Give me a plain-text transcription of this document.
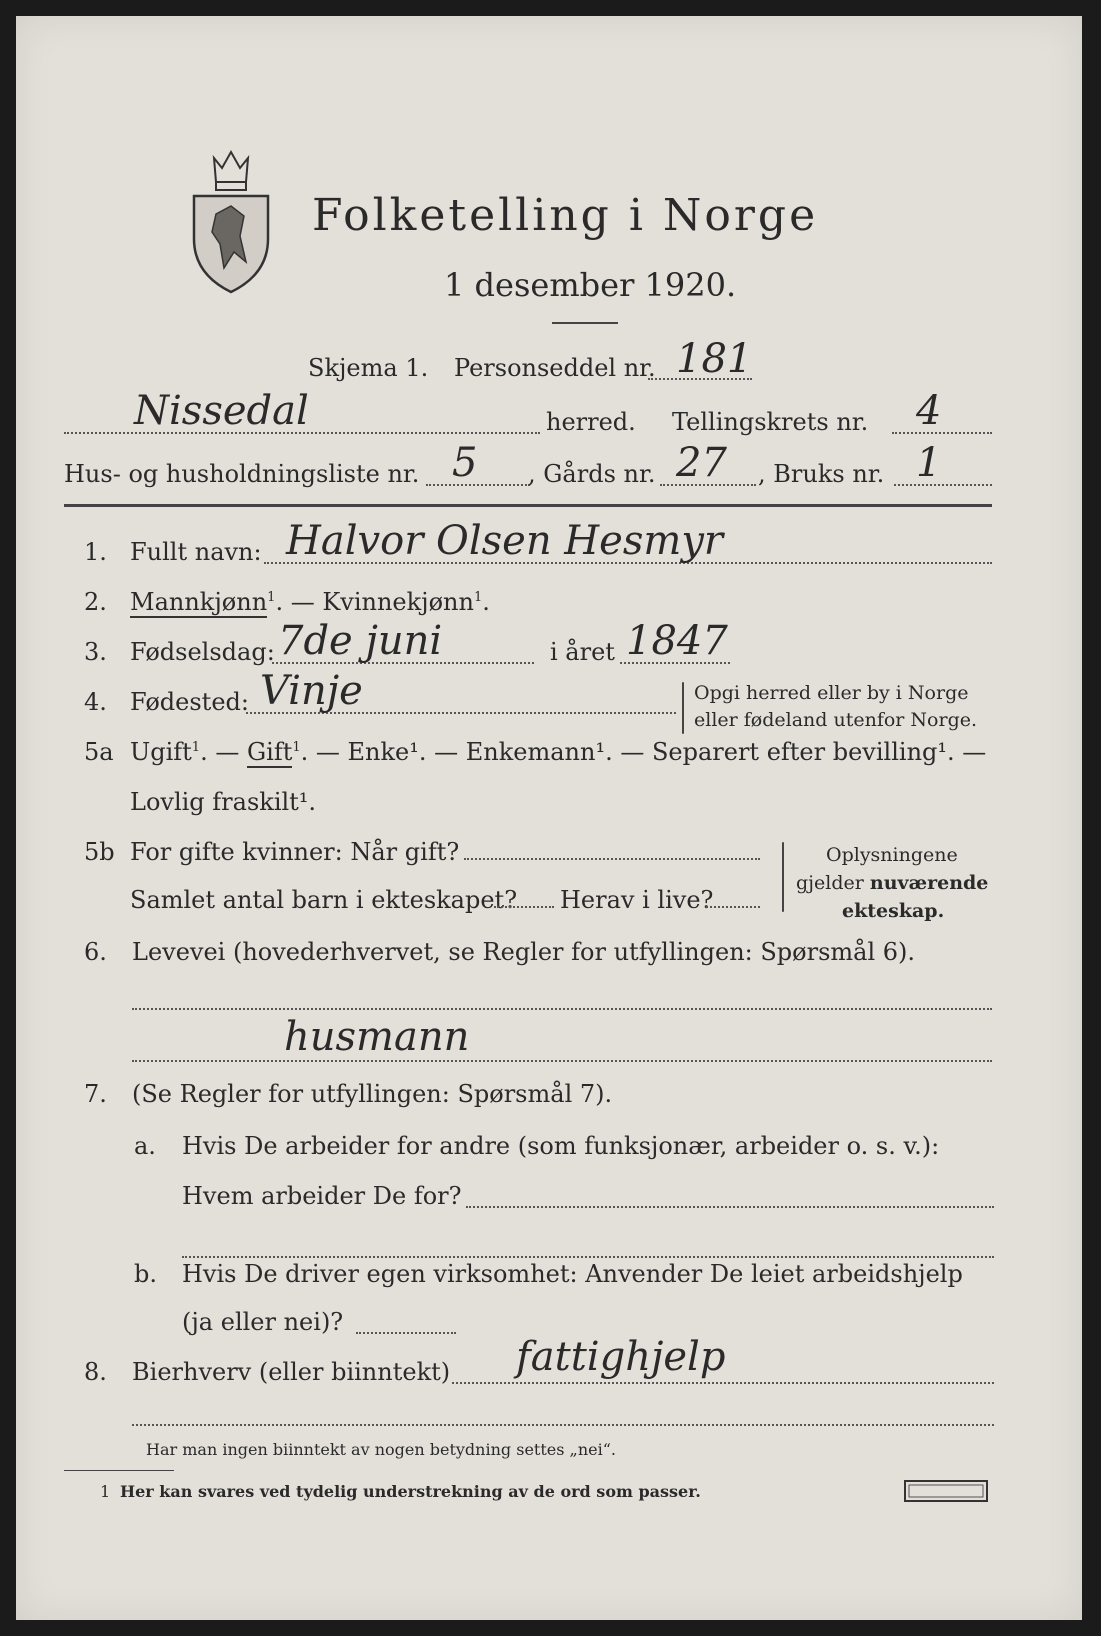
Folketelling i Norge
1 desember 1920.
Skjema 1. Personseddel nr. 181
Nissedal	herred. Tellingskrets nr. 4
Hus- og husholdningsliste nr. 5 , Gårds nr. 27 , Bruks nr. 1
1. Fullt navn: Halvor Olsen Hesmyr
2. Mannkjønn$^1$. — Kvinnekjønn$^1$.
3. Fødselsdag: 7de juni	i året 1847
4. Fødested: Vinje	Opgi herred eller by i Norge
eller fødeland utenfor Norge.
5a Ugift$^1$. — Gift$^1$. — Enke¹. — Enkemann¹. — Separert efter bevilling¹. —
Lovlig fraskilt¹.
5b For gifte kvinner: Når gift?
Samlet antal barn i ekteskapet? Herav i live?
Oplysningene
gjelder nuværende
ekteskap.
6. Levevei (hovederhvervet, se Regler for utfyllingen: Spørsmål 6).
husmann
7. (Se Regler for utfyllingen: Spørsmål 7).
a. Hvis De arbeider for andre (som funksjonær, arbeider o. s. v.):
Hvem arbeider De for?
b. Hvis De driver egen virksomhet: Anvender De leiet arbeidshjelp
(ja eller nei)?
8. Bierhverv (eller biinntekt) fattighjelp
Har man ingen biinntekt av nogen betydning settes „nei“.
1 Her kan svares ved tydelig understrekning av de ord som passer.
